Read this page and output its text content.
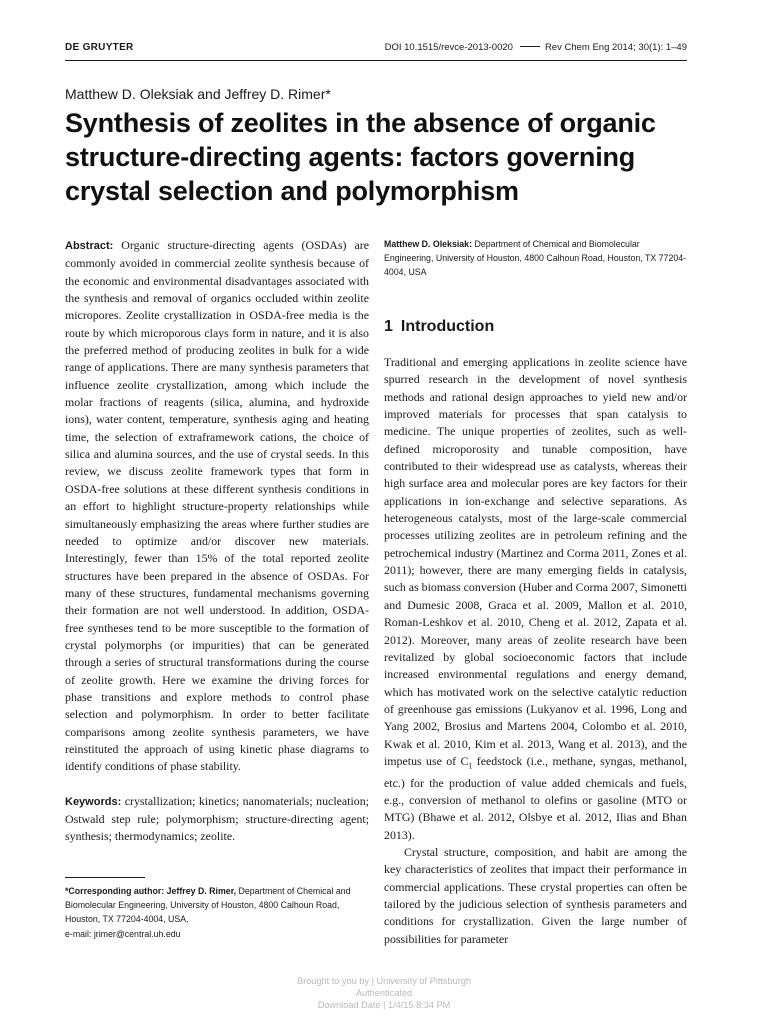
DE GRUYTER	DOI 10.1515/revce-2013-0020	Rev Chem Eng 2014; 30(1): 1–49
Matthew D. Oleksiak and Jeffrey D. Rimer*
Synthesis of zeolites in the absence of organic structure-directing agents: factors governing crystal selection and polymorphism

Abstract: Organic structure-directing agents (OSDAs) are commonly avoided in commercial zeolite synthesis because of the economic and environmental disadvantages associated with the synthesis and removal of organics occluded within zeolite micropores. Zeolite crystallization in OSDA-free media is the route by which microporous clays form in nature, and it is also the preferred method of producing zeolites in bulk for a wide range of applications. There are many synthesis parameters that influence zeolite crystallization, among which include the molar fractions of reagents (silica, alumina, and hydroxide ions), water content, temperature, synthesis aging and heating time, the selection of extraframework cations, the choice of silica and alumina sources, and the use of crystal seeds. In this review, we discuss zeolite framework types that form in OSDA-free solutions at these different synthesis conditions in an effort to highlight structure-property relationships while simultaneously emphasizing the areas where further studies are needed to optimize and/or discover new materials. Interestingly, fewer than 15% of the total reported zeolite structures have been prepared in the absence of OSDAs. For many of these structures, fundamental mechanisms governing their formation are not well understood. In addition, OSDA-free syntheses tend to be more susceptible to the formation of crystal polymorphs (or impurities) that can be generated through a series of structural transformations during the course of zeolite growth. Here we examine the driving forces for phase transitions and explore methods to control phase selection and polymorphism. In order to better facilitate comparisons among zeolite synthesis parameters, we have reinstituted the approach of using kinetic phase diagrams to identify conditions of phase stability.

Keywords: crystallization; kinetics; nanomaterials; nucleation; Ostwald step rule; polymorphism; structure-directing agent; synthesis; thermodynamics; zeolite.

*Corresponding author: Jeffrey D. Rimer, Department of Chemical and Biomolecular Engineering, University of Houston, 4800 Calhoun Road, Houston, TX 77204-4004, USA,
e-mail: jrimer@central.uh.edu
Matthew D. Oleksiak: Department of Chemical and Biomolecular Engineering, University of Houston, 4800 Calhoun Road, Houston, TX 77204-4004, USA
1 Introduction

Traditional and emerging applications in zeolite science have spurred research in the development of novel synthesis methods and rational design approaches to yield new and/or improved materials for processes that span catalysis to medicine. The unique properties of zeolites, such as well-defined microporosity and tunable composition, have contributed to their widespread use as catalysts, whereas their high surface area and molecular pores are key factors for their applications in ion-exchange and selective separations. As heterogeneous catalysts, most of the large-scale commercial processes utilizing zeolites are in petroleum refining and the petrochemical industry (Martinez and Corma 2011, Zones et al. 2011); however, there are many emerging fields in catalysis, such as biomass conversion (Huber and Corma 2007, Simonetti and Dumesic 2008, Graca et al. 2009, Mallon et al. 2010, Roman-Leshkov et al. 2010, Cheng et al. 2012, Zapata et al. 2012). Moreover, many areas of zeolite research have been revitalized by global socioeconomic factors that include increased environmental regulations and energy demand, which has motivated work on the selective catalytic reduction of greenhouse gas emissions (Lukyanov et al. 1996, Long and Yang 2002, Brosius and Martens 2004, Colombo et al. 2010, Kwak et al. 2010, Kim et al. 2013, Wang et al. 2013), and the impetus use of $C_1$ feedstock (i.e., methane, syngas, methanol, etc.) for the production of value added chemicals and fuels, e.g., conversion of methanol to olefins or gasoline (MTO or MTG) (Bhawe et al. 2012, Olsbye et al. 2012, Ilias and Bhan 2013).

Crystal structure, composition, and habit are among the key characteristics of zeolites that impact their performance in commercial applications. These crystal properties can often be tailored by the judicious selection of synthesis parameters and conditions for crystallization. Given the large number of possibilities for parameter

Brought to you by | University of Pittsburgh
Authenticated
Download Date | 1/4/15 8:34 PM
